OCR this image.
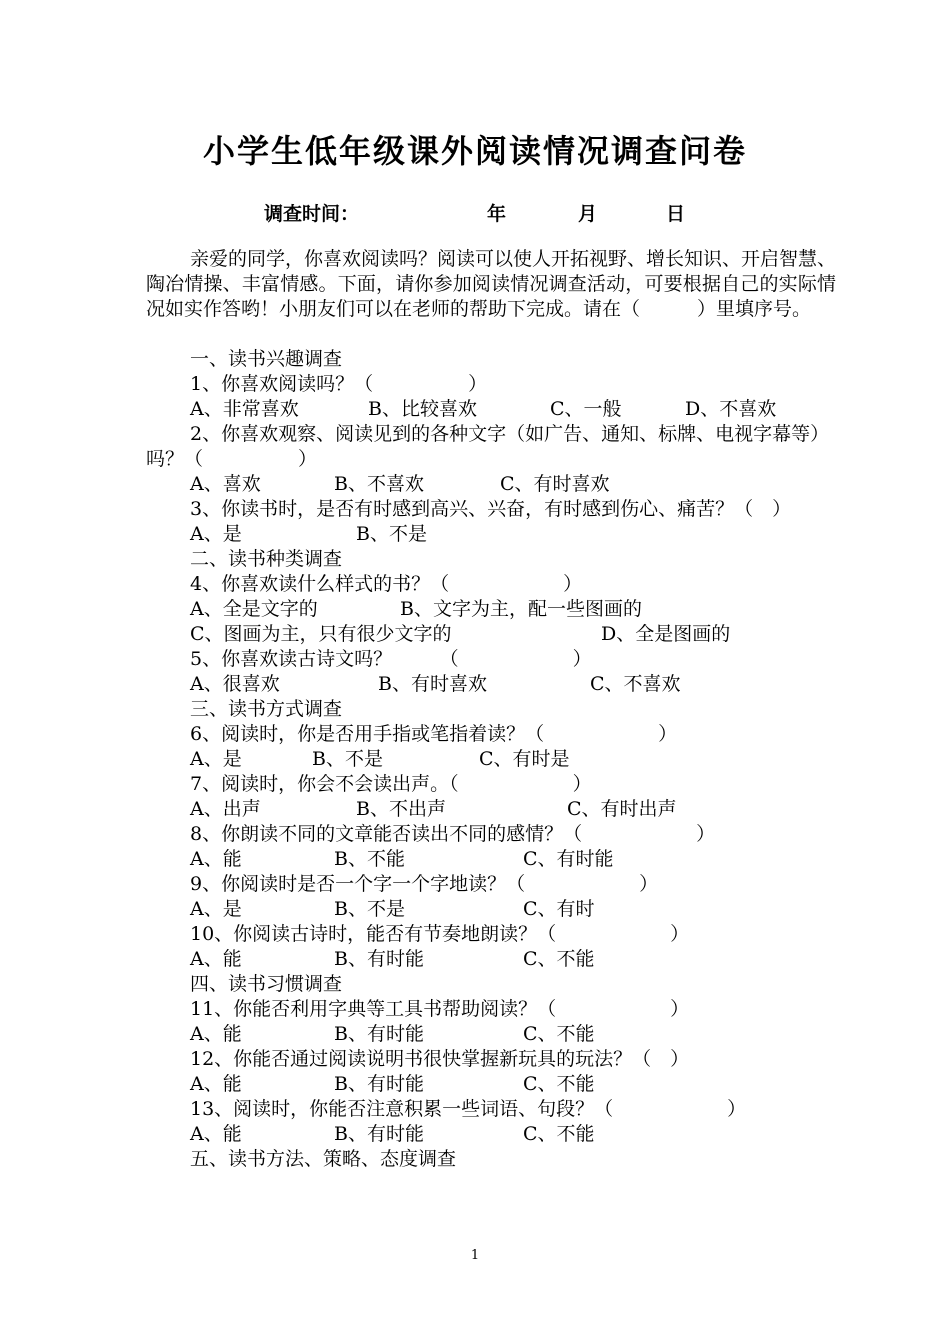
小学生低年级课外阅读情况调查问卷
调查时间：	年	月	日

亲爱的同学，你喜欢阅读吗？阅读可以使人开拓视野、增长知识、开启智慧、陶冶情操、丰富情感。下面，请你参加阅读情况调查活动，可要根据自己的实际情况如实作答哟！小朋友们可以在老师的帮助下完成。请在（　　　）里填序号。

一、读书兴趣调查
1、你喜欢阅读吗？（　　　　　）
A、非常喜欢	B、比较喜欢	C、一般	D、不喜欢
2、你喜欢观察、阅读见到的各种文字（如广告、通知、标牌、电视字幕等）吗？（　　　　　）
A、喜欢	B、不喜欢	C、有时喜欢
3、你读书时，是否有时感到高兴、兴奋，有时感到伤心、痛苦？（　）
A、是	B、不是
二、读书种类调查
4、你喜欢读什么样式的书？（　　　　　　）
A、全是文字的	B、文字为主，配一些图画的
C、图画为主，只有很少文字的	D、全是图画的
5、你喜欢读古诗文吗？　　　（　　　　　　）
A、很喜欢	B、有时喜欢	C、不喜欢
三、读书方式调查
6、阅读时，你是否用手指或笔指着读？（　　　　　　）
A、是	B、不是	C、有时是
7、阅读时，你会不会读出声。（　　　　　　）
A、出声	B、不出声	C、有时出声
8、你朗读不同的文章能否读出不同的感情？（　　　　　　）
A、能	B、不能	C、有时能
9、你阅读时是否一个字一个字地读？（　　　　　　）
A、是	B、不是	C、有时
10、你阅读古诗时，能否有节奏地朗读？（　　　　　　）
A、能	B、有时能	C、不能
四、读书习惯调查
11、你能否利用字典等工具书帮助阅读？（　　　　　　）
A、能	B、有时能	C、不能
12、你能否通过阅读说明书很快掌握新玩具的玩法？（　）
A、能	B、有时能	C、不能
13、阅读时，你能否注意积累一些词语、句段？（　　　　　　）
A、能	B、有时能	C、不能
五、读书方法、策略、态度调查
1
